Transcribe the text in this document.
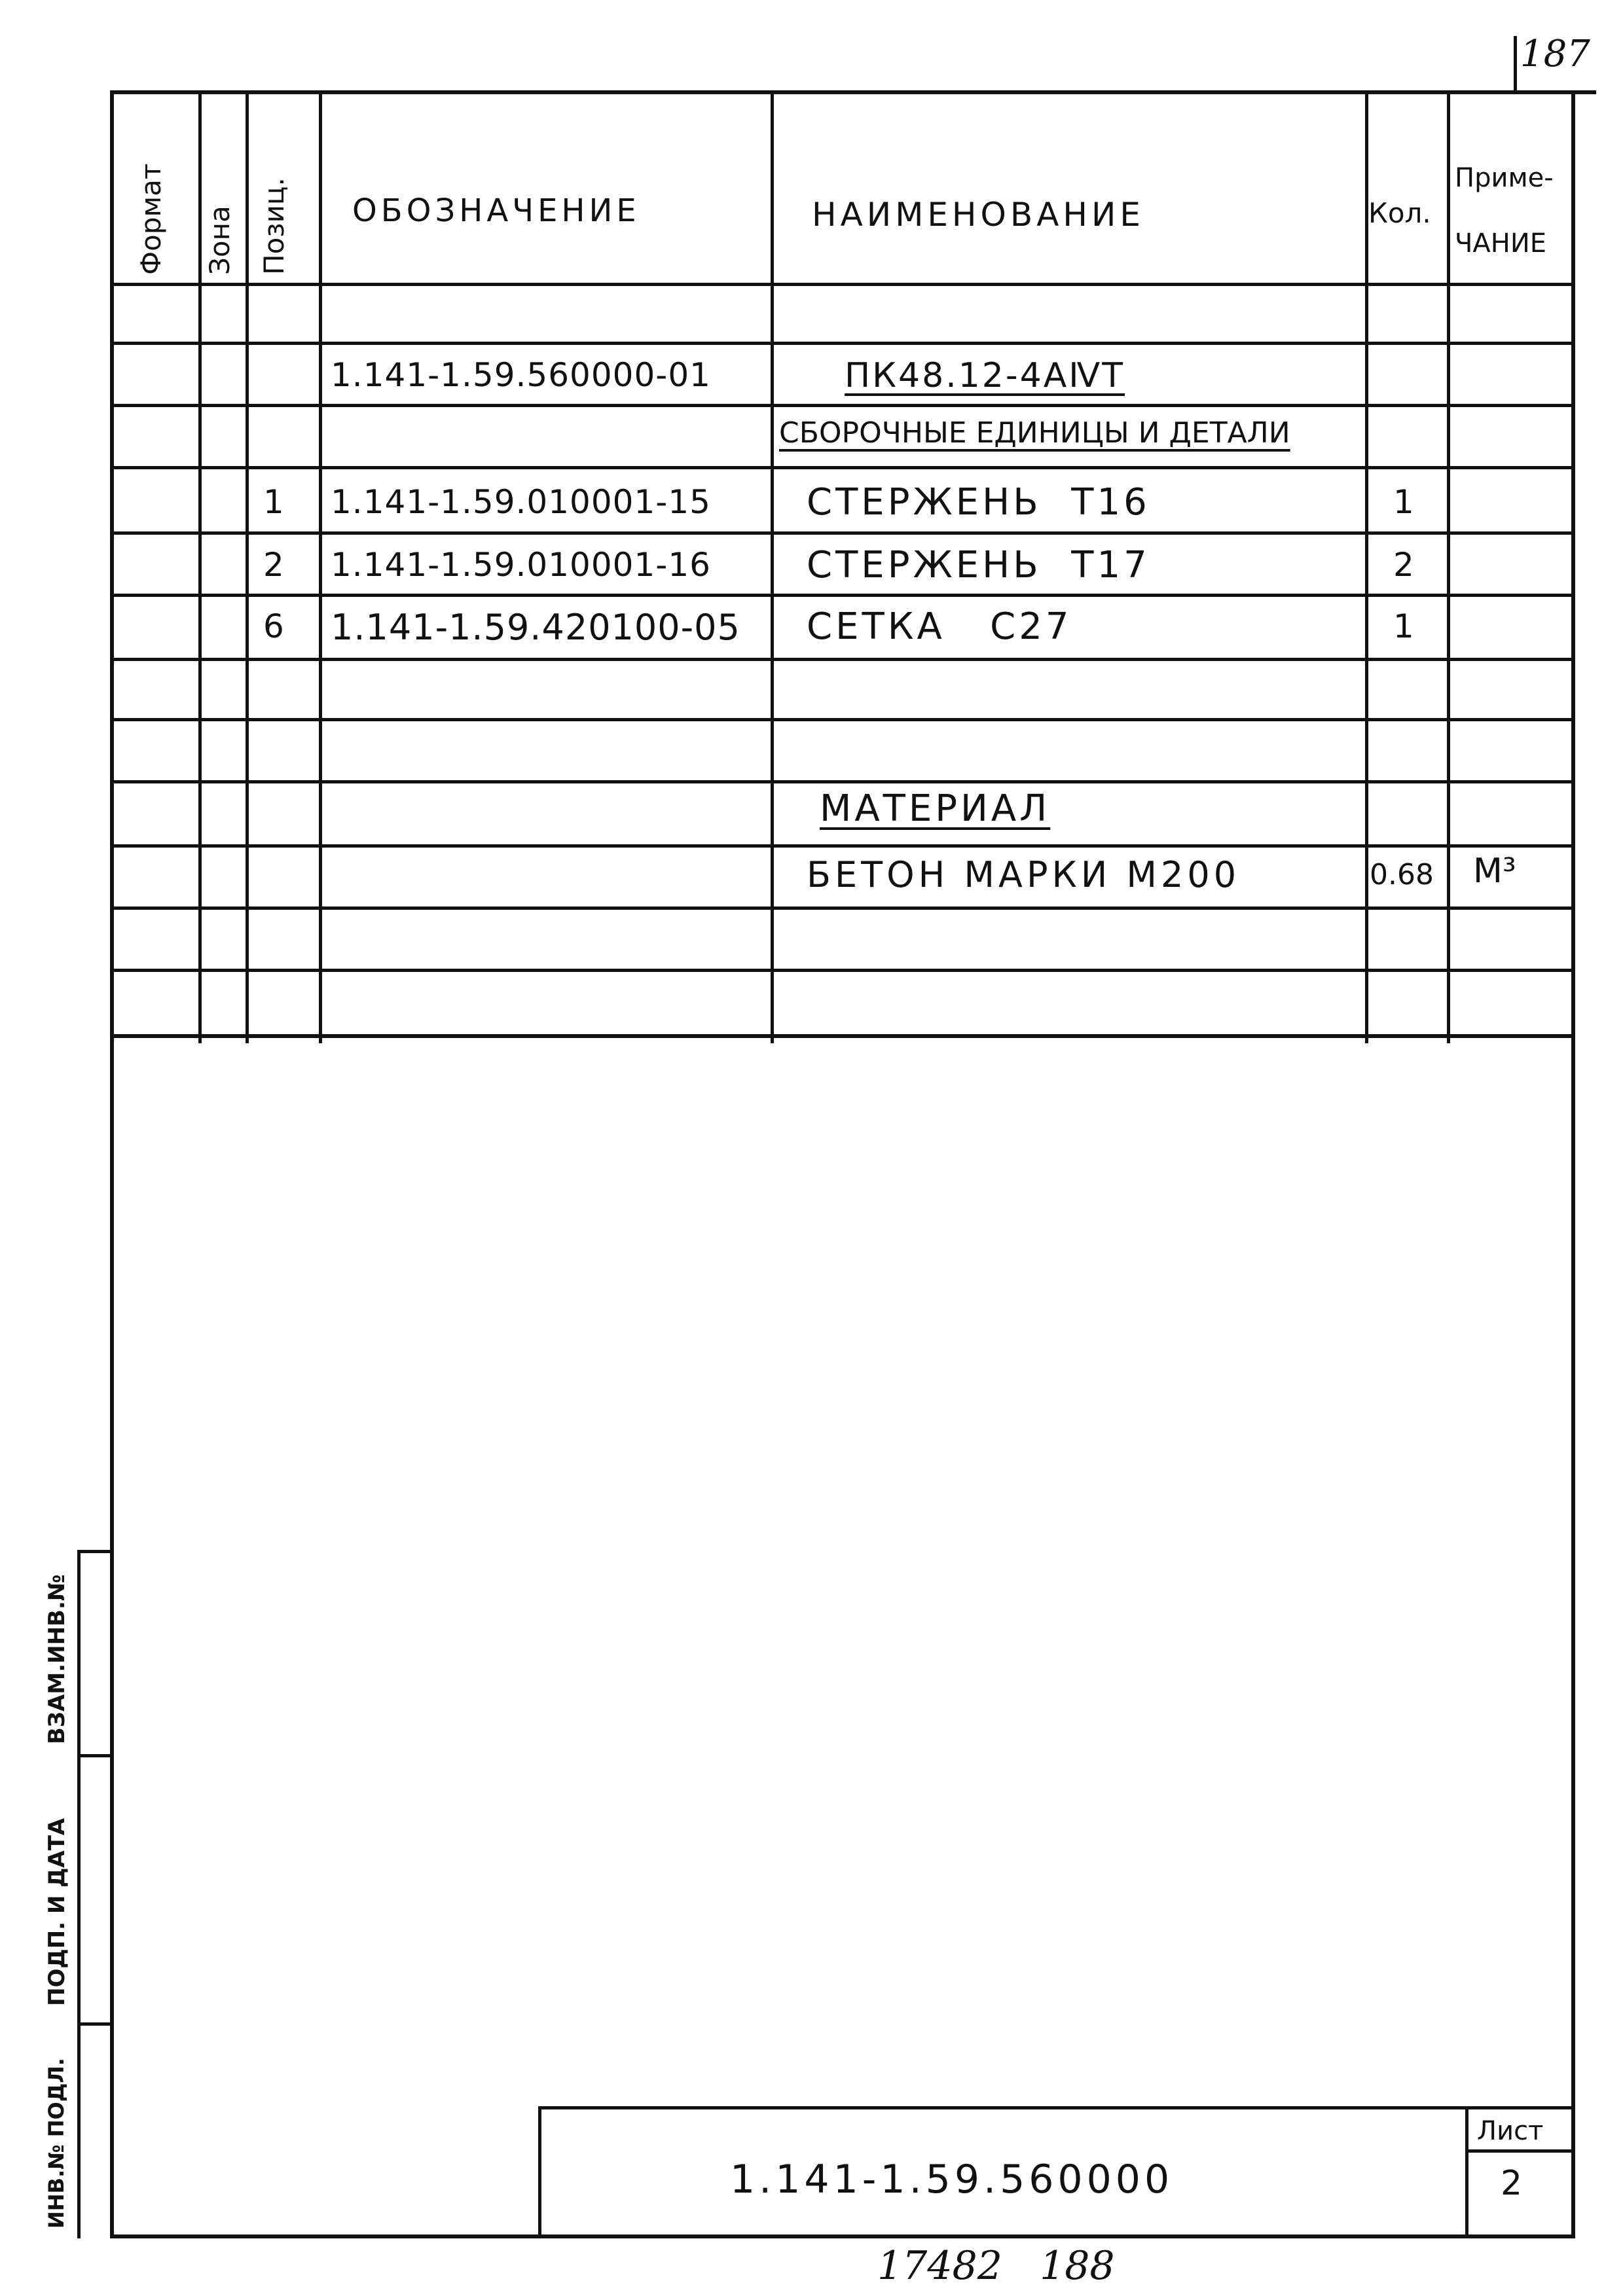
187
Формат Зона Позиц. ОБОЗНАЧЕНИЕ	НАИМЕНОВАНИЕ	Кол.
Приме-
ЧАНИЕ
1.141-1.59.560000-01	ПК48.12-4АⅣТ
СБОРОЧНЫЕ ЕДИНИЦЫ И ДЕТАЛИ
1 1.141-1.59.010001-15	СТЕРЖЕНЬ  Т16	1
2 1.141-1.59.010001-16	СТЕРЖЕНЬ  Т17	2
6 1.141-1.59.420100-05 СЕТКА   С27	1
МАТЕРИАЛ
БЕТОН МАРКИ М200	0.68 М³
ВЗАМ.ИНВ.№
ПОДП. И ДАТА
ИНВ.№ ПОДЛ.	1.141-1.59.560000
Лист
2
17482   188
